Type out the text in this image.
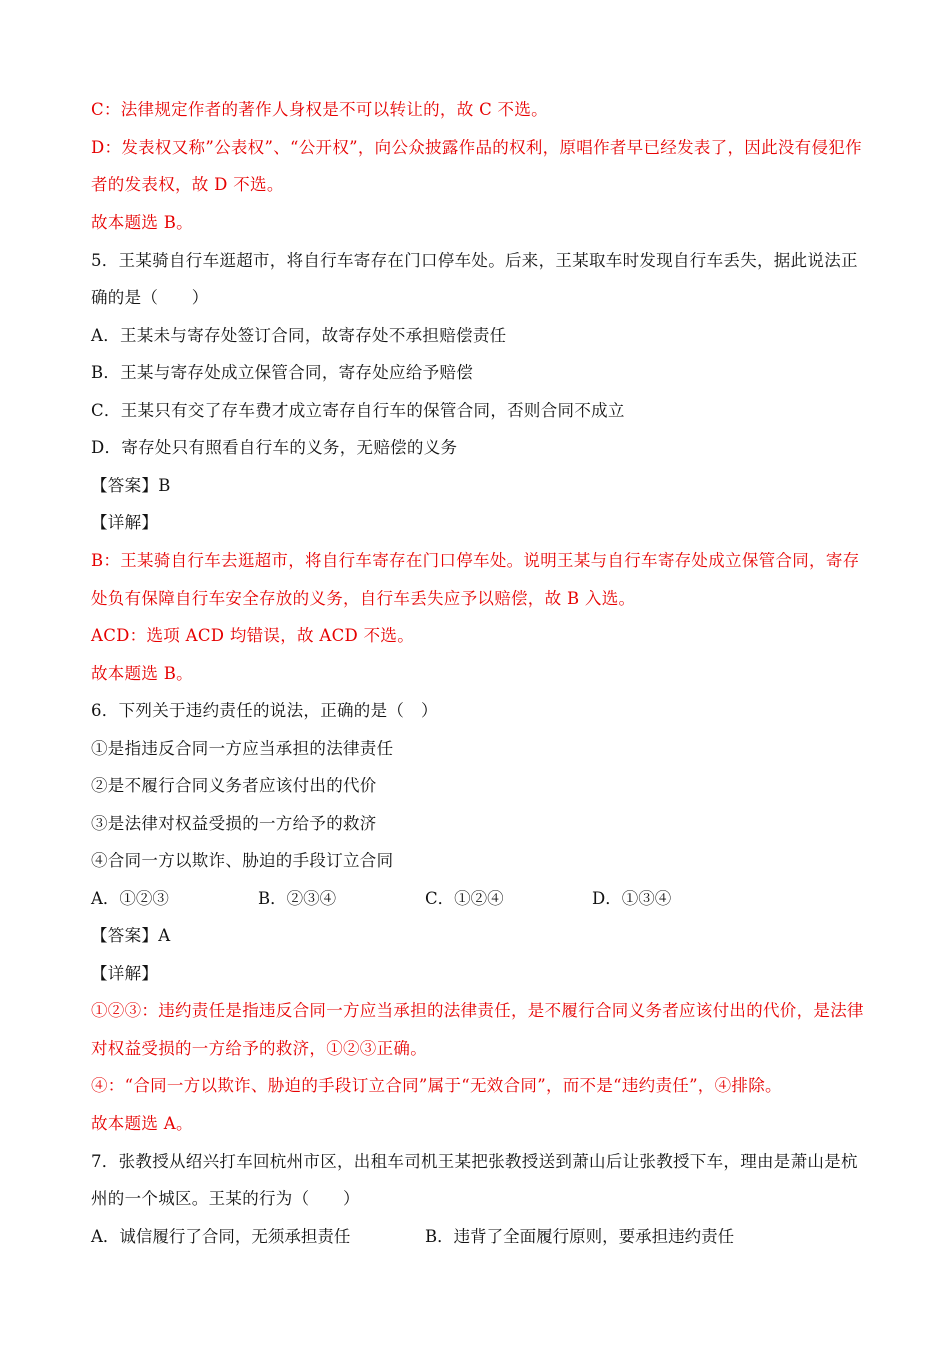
C：法律规定作者的著作人身权是不可以转让的，故 C 不选。
D：发表权又称”公表权”、“公开权”，向公众披露作品的权利，原唱作者早已经发表了，因此没有侵犯作
者的发表权，故 D 不选。
故本题选 B。
5．王某骑自行车逛超市，将自行车寄存在门口停车处。后来，王某取车时发现自行车丢失，据此说法正
确的是（　　）
A．王某未与寄存处签订合同，故寄存处不承担赔偿责任
B．王某与寄存处成立保管合同，寄存处应给予赔偿
C．王某只有交了存车费才成立寄存自行车的保管合同，否则合同不成立
D．寄存处只有照看自行车的义务，无赔偿的义务
【答案】B
【详解】
B：王某骑自行车去逛超市，将自行车寄存在门口停车处。说明王某与自行车寄存处成立保管合同，寄存
处负有保障自行车安全存放的义务，自行车丢失应予以赔偿，故 B 入选。
ACD：选项 ACD 均错误，故 ACD 不选。
故本题选 B。
6．下列关于违约责任的说法，正确的是（　）
①是指违反合同一方应当承担的法律责任
②是不履行合同义务者应该付出的代价
③是法律对权益受损的一方给予的救济
④合同一方以欺诈、胁迫的手段订立合同
A．①②③	B．②③④	C．①②④	D．①③④
【答案】A
【详解】
①②③：违约责任是指违反合同一方应当承担的法律责任，是不履行合同义务者应该付出的代价，是法律
对权益受损的一方给予的救济，①②③正确。
④：“合同一方以欺诈、胁迫的手段订立合同”属于“无效合同”，而不是“违约责任”，④排除。
故本题选 A。
7．张教授从绍兴打车回杭州市区，出租车司机王某把张教授送到萧山后让张教授下车，理由是萧山是杭
州的一个城区。王某的行为（　　）
A．诚信履行了合同，无须承担责任	B．违背了全面履行原则，要承担违约责任
